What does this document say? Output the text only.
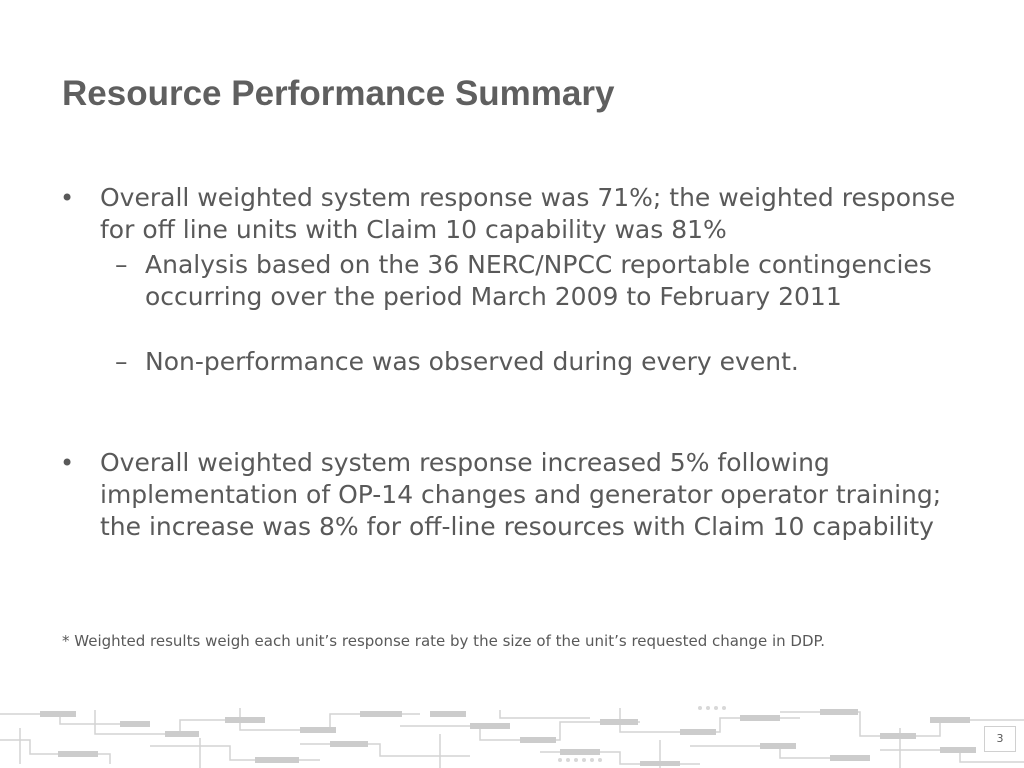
Resource Performance Summary
• Overall weighted system response was 71%; the weighted response for off line units with Claim 10 capability was 81%
– Analysis based on the 36 NERC/NPCC reportable contingencies occurring over the period March 2009 to February 2011
– Non-performance was observed during every event.
• Overall weighted system response increased 5% following implementation of OP-14 changes and generator operator training; the increase was 8% for off-line resources with Claim 10 capability
* Weighted results weigh each unit’s response rate by the size of the unit’s requested change in DDP.
3
